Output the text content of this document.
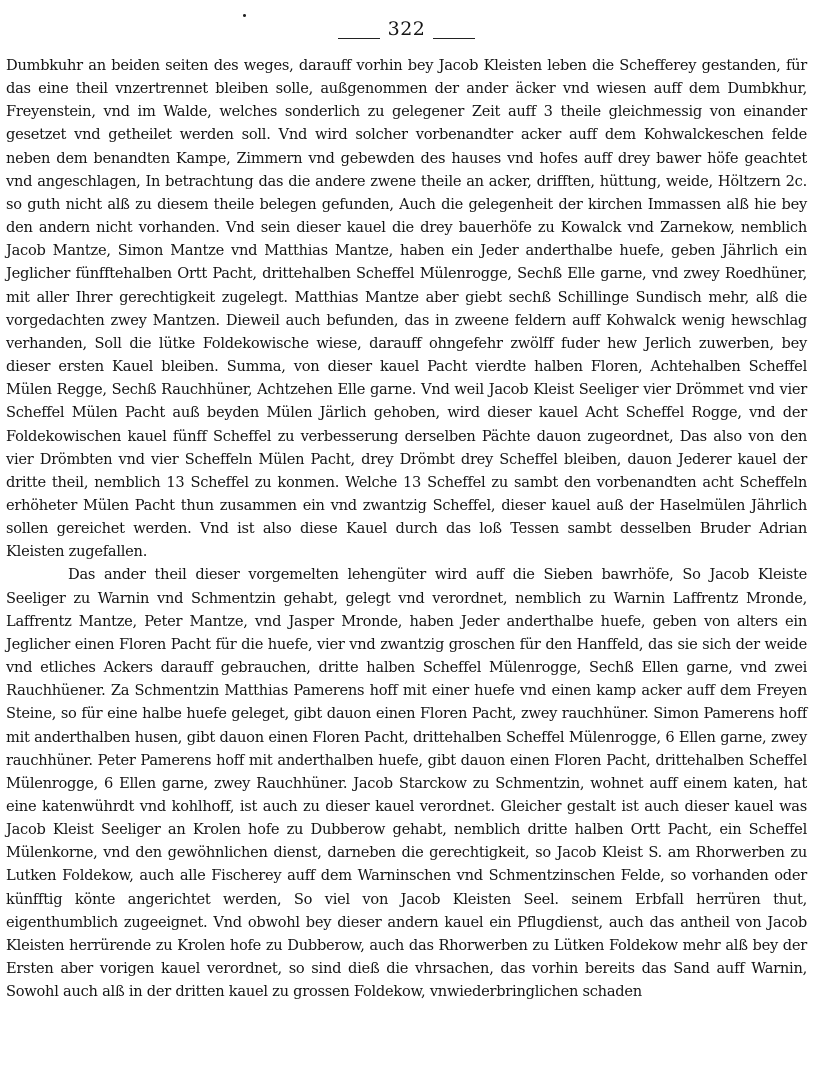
322

Dumbkuhr an beiden seiten des weges, darauff vorhin bey Jacob Kleisten leben die Schefferey gestanden, für das eine theil vnzertrennet bleiben solle, außgenommen der ander äcker vnd wiesen auff dem Dumbkhur, Freyenstein, vnd im Walde, welches sonderlich zu gelegener Zeit auff 3 theile gleichmessig von einander gesetzet vnd getheilet werden soll. Vnd wird solcher vorbenandter acker auff dem Kohwalckeschen felde neben dem benandten Kampe, Zimmern vnd gebewden des hauses vnd hofes auff drey bawer höfe geachtet vnd angeschlagen, In betrachtung das die andere zwene theile an acker, drifften, hüttung, weide, Höltzern 2c. so guth nicht alß zu diesem theile belegen gefunden, Auch die gelegenheit der kirchen Immassen alß hie bey den andern nicht vorhanden. Vnd sein dieser kauel die drey bauerhöfe zu Kowalck vnd Zarnekow, nemblich Jacob Mantze, Simon Mantze vnd Matthias Mantze, haben ein Jeder anderthalbe huefe, geben Jährlich ein Jeglicher fünfftehalben Ortt Pacht, drittehalben Scheffel Mülenrogge, Sechß Elle garne, vnd zwey Roedhüner, mit aller Ihrer gerechtigkeit zugelegt. Matthias Mantze aber giebt sechß Schillinge Sundisch mehr, alß die vorgedachten zwey Mantzen. Dieweil auch befunden, das in zweene feldern auff Kohwalck wenig hewschlag verhanden, Soll die lütke Foldekowische wiese, darauff ohngefehr zwölff fuder hew Jerlich zuwerben, bey dieser ersten Kauel bleiben. Summa, von dieser kauel Pacht vierdte halben Floren, Achtehalben Scheffel Mülen Regge, Sechß Rauchhüner, Achtzehen Elle garne. Vnd weil Jacob Kleist Seeliger vier Drömmet vnd vier Scheffel Mülen Pacht auß beyden Mülen Järlich gehoben, wird dieser kauel Acht Scheffel Rogge, vnd der Foldekowischen kauel fünff Scheffel zu verbesserung derselben Pächte dauon zugeordnet, Das also von den vier Drömbten vnd vier Scheffeln Mülen Pacht, drey Drömbt drey Scheffel bleiben, dauon Jederer kauel der dritte theil, nemblich 13 Scheffel zu konmen. Welche 13 Scheffel zu sambt den vorbenandten acht Scheffeln erhöheter Mülen Pacht thun zusammen ein vnd zwantzig Scheffel, dieser kauel auß der Haselmülen Jährlich sollen gereichet werden. Vnd ist also diese Kauel durch das loß Tessen sambt desselben Bruder Adrian Kleisten zugefallen.

Das ander theil dieser vorgemelten lehengüter wird auff die Sieben bawrhöfe, So Jacob Kleiste Seeliger zu Warnin vnd Schmentzin gehabt, gelegt vnd verordnet, nemblich zu Warnin Laffrentz Mronde, Laffrentz Mantze, Peter Mantze, vnd Jasper Mronde, haben Jeder anderthalbe huefe, geben von alters ein Jeglicher einen Floren Pacht für die huefe, vier vnd zwantzig groschen für den Hanffeld, das sie sich der weide vnd etliches Ackers darauff gebrauchen, dritte halben Scheffel Mülenrogge, Sechß Ellen garne, vnd zwei Rauchhüener. Za Schmentzin Matthias Pamerens hoff mit einer huefe vnd einen kamp acker auff dem Freyen Steine, so für eine halbe huefe geleget, gibt dauon einen Floren Pacht, zwey rauchhüner. Simon Pamerens hoff mit anderthalben husen, gibt dauon einen Floren Pacht, drittehalben Scheffel Mülenrogge, 6 Ellen garne, zwey rauchhüner. Peter Pamerens hoff mit anderthalben huefe, gibt dauon einen Floren Pacht, drittehalben Scheffel Mülenrogge, 6 Ellen garne, zwey Rauchhüner. Jacob Starckow zu Schmentzin, wohnet auff einem katen, hat eine katenwührdt vnd kohlhoff, ist auch zu dieser kauel verordnet. Gleicher gestalt ist auch dieser kauel was Jacob Kleist Seeliger an Krolen hofe zu Dubberow gehabt, nemblich dritte halben Ortt Pacht, ein Scheffel Mülenkorne, vnd den gewöhnlichen dienst, darneben die gerechtigkeit, so Jacob Kleist S. am Rhorwerben zu Lutken Foldekow, auch alle Fischerey auff dem Warninschen vnd Schmentzinschen Felde, so vorhanden oder künfftig könte angerichtet werden, So viel von Jacob Kleisten Seel. seinem Erbfall herrüren thut, eigenthumblich zugeeignet. Vnd obwohl bey dieser andern kauel ein Pflugdienst, auch das antheil von Jacob Kleisten herrürende zu Krolen hofe zu Dubberow, auch das Rhorwerben zu Lütken Foldekow mehr alß bey der Ersten aber vorigen kauel verordnet, so sind dieß die vhrsachen, das vorhin bereits das Sand auff Warnin, Sowohl auch alß in der dritten kauel zu grossen Foldekow, vnwiederbringlichen schaden
